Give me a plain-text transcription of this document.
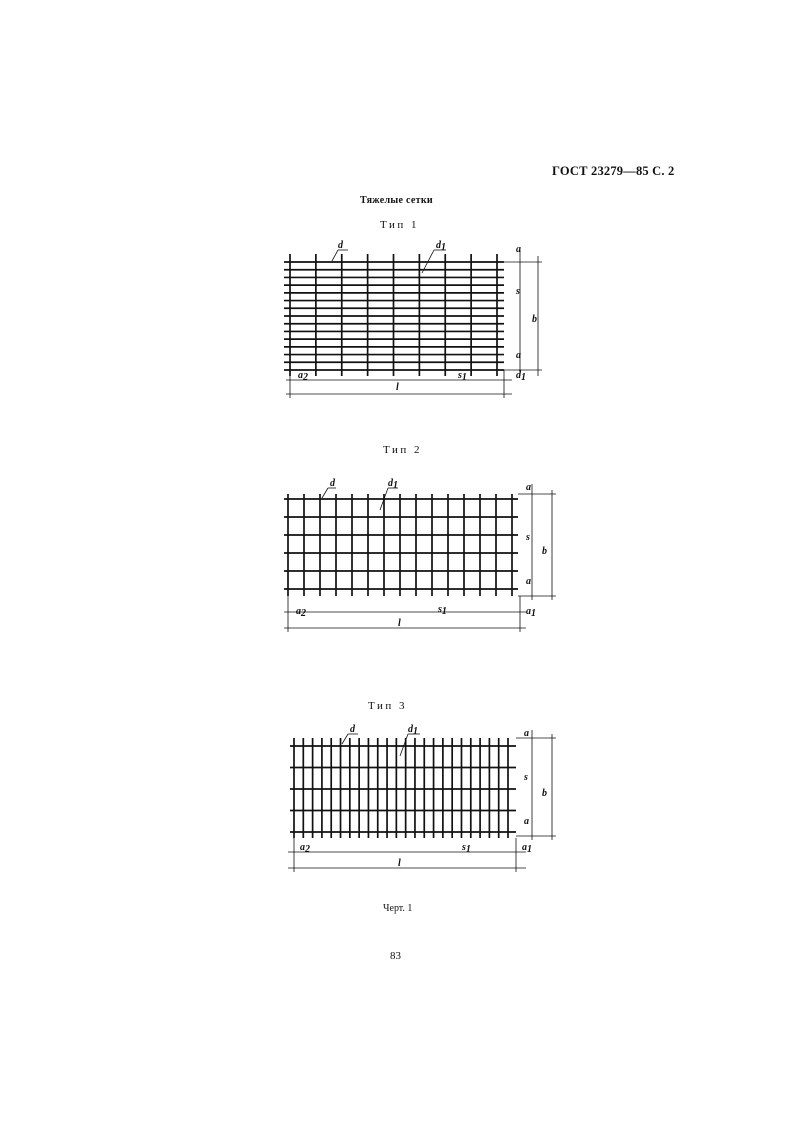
ГОСТ 23279—85 С. 2
Тяжелые сетки
Тип 1
d	d1	a
s
b
a
a2	s1	d1
l
Тип 2
d	d1	a
s
b
a
a2	s1	a1
l
Тип 3
d	d1	a
s
b
a
a2	s1	a1
l
Черт. 1
83
